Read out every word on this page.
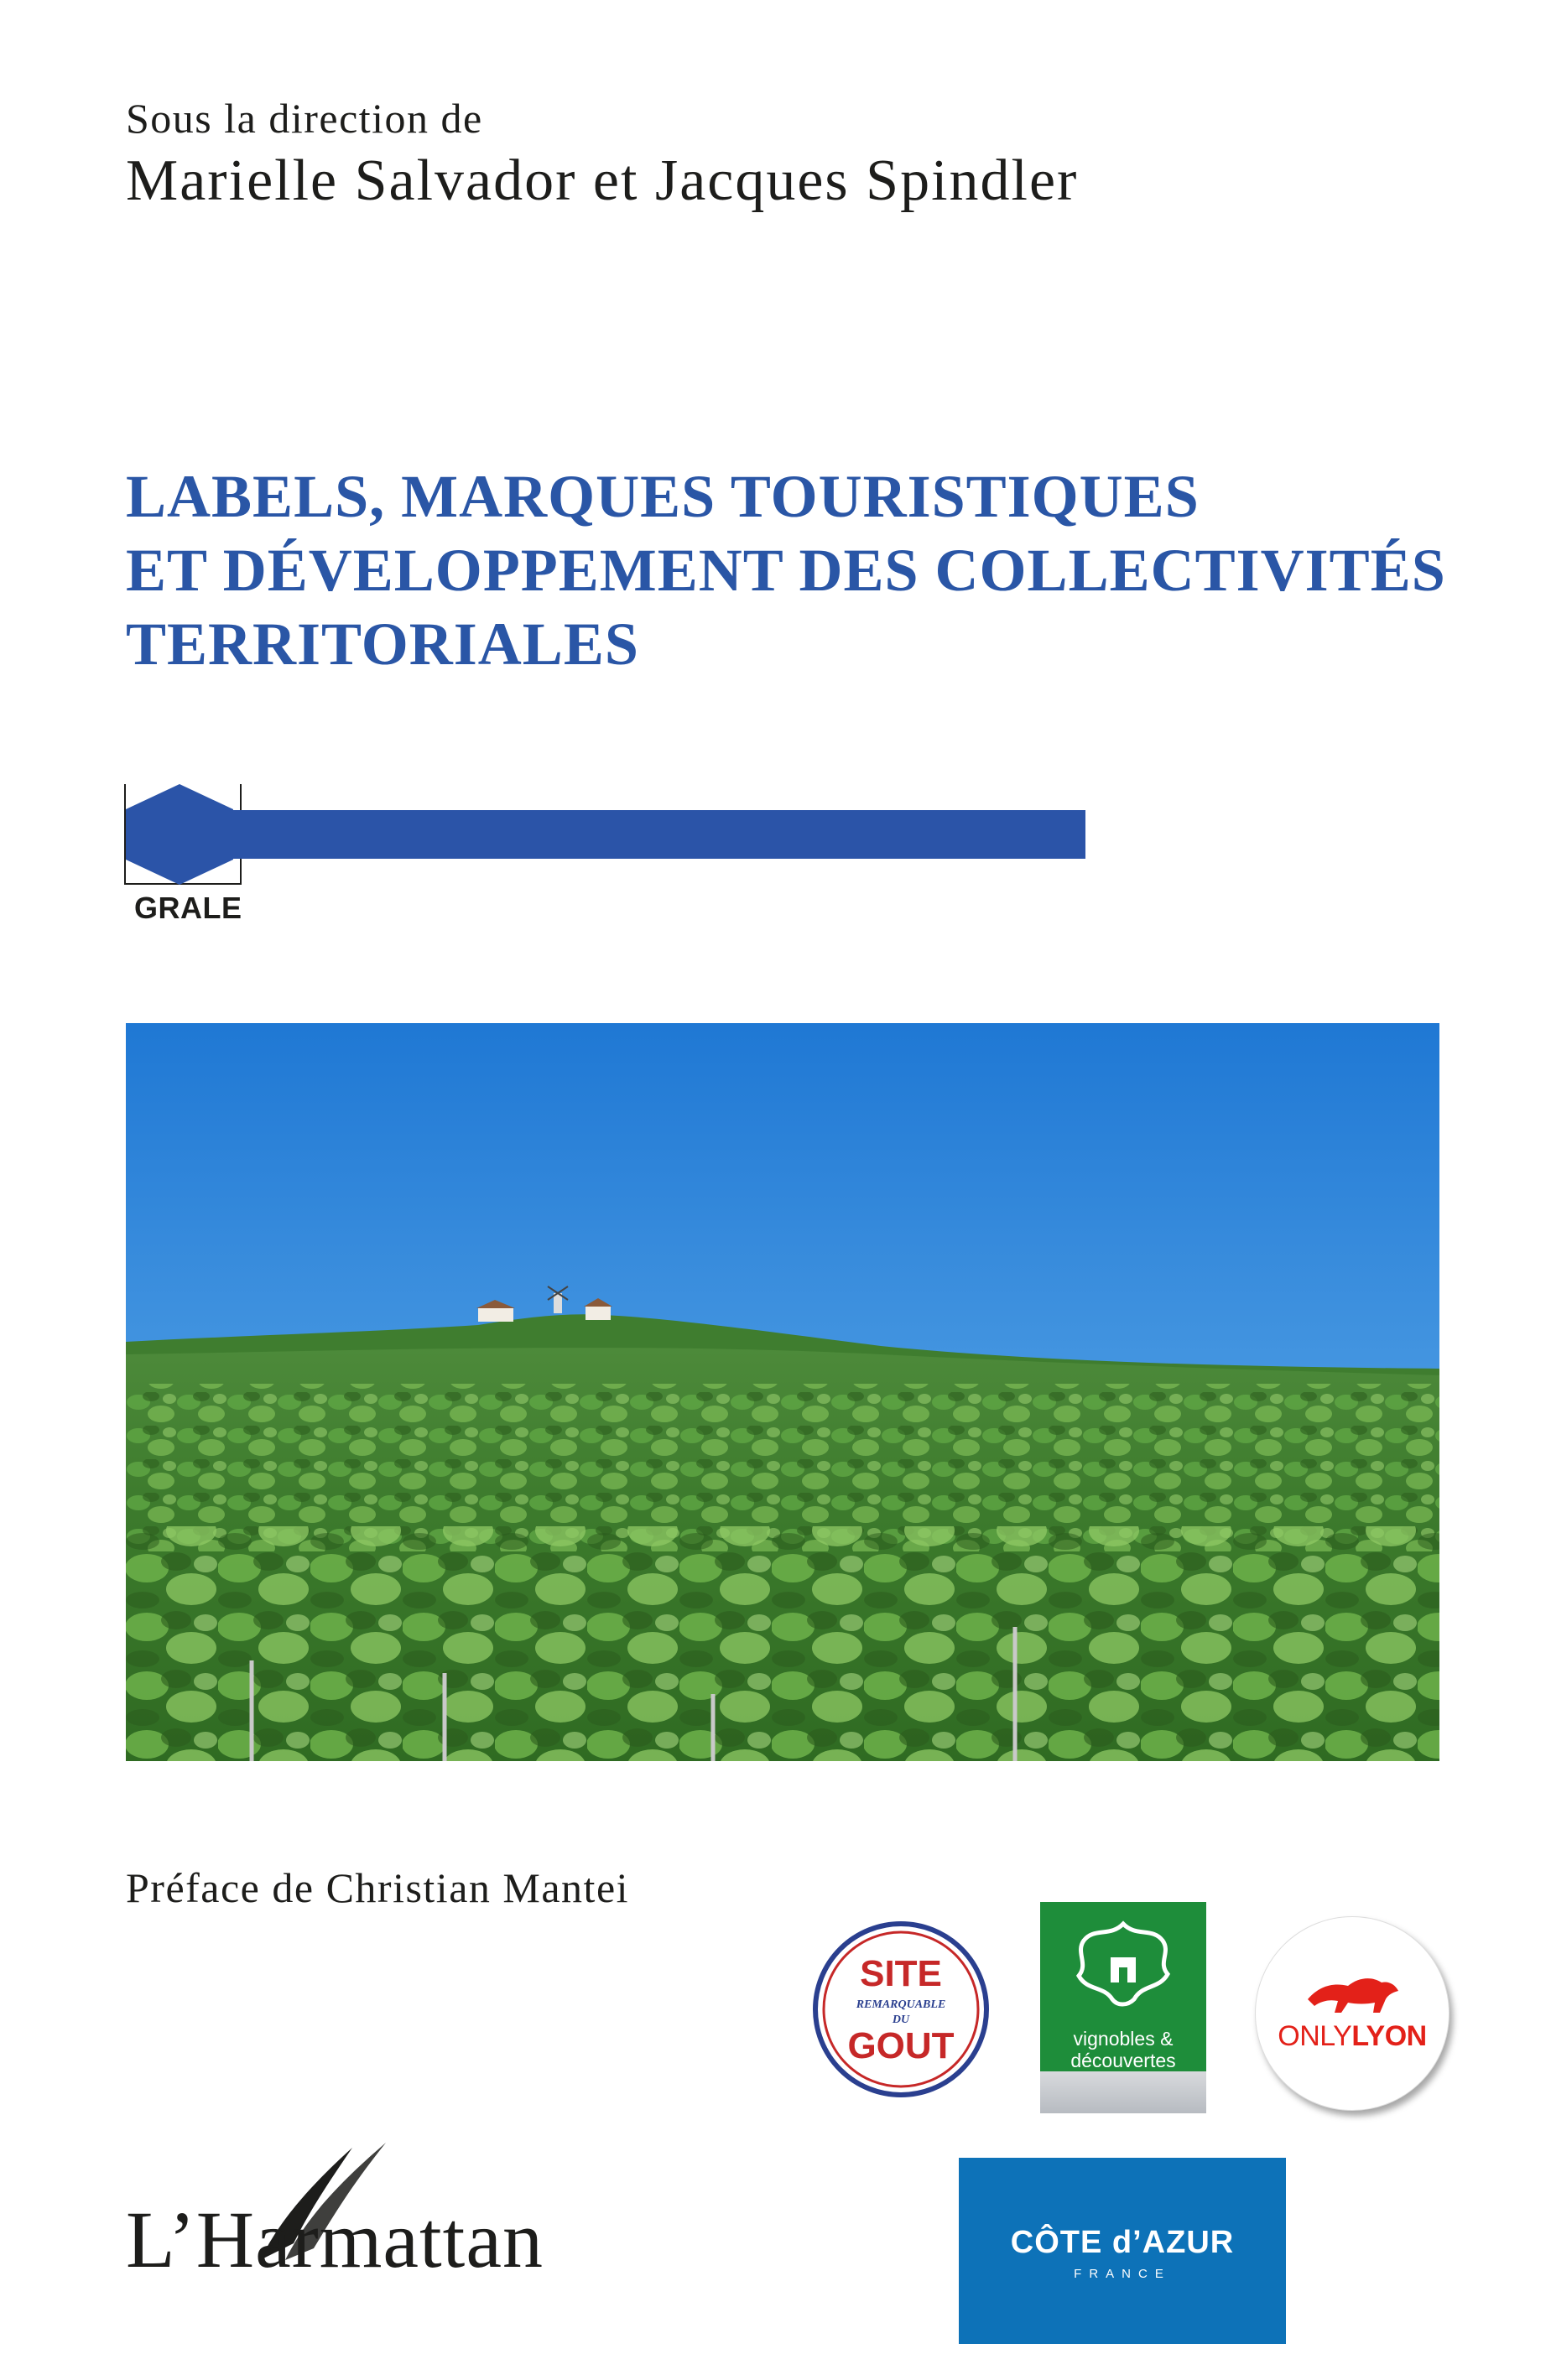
Sous la direction de
Marielle Salvador et Jacques Spindler
LABELS, MARQUES TOURISTIQUES
ET DÉVELOPPEMENT DES COLLECTIVITÉS
TERRITORIALES
GRALE
Préface de Christian Mantei
SITE
REMARQUABLE
DU
GOUT	vignobles &
découvertes
ONLYLYON
CÔTE d’AZUR
FRANCE
L’Harmattan
